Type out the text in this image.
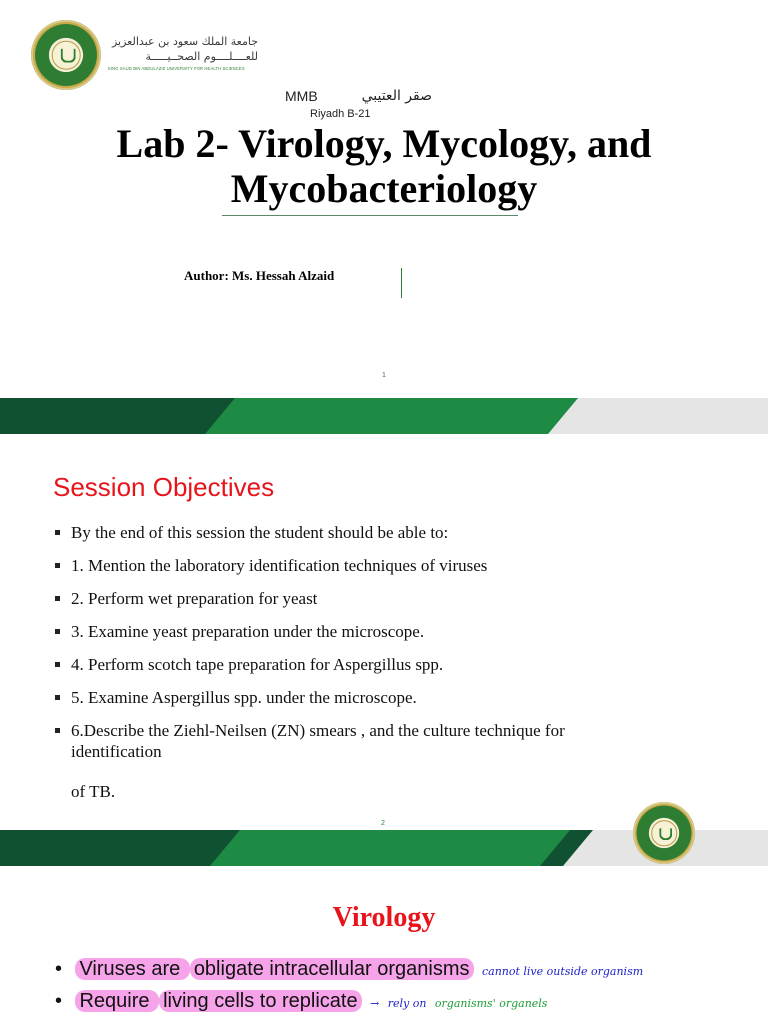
جامعة الملك سعود بن عبدالعزيز
للعــــلــــوم الصحــيـــــة
KING SAUD BIN ABDULAZIZ UNIVERSITY FOR HEALTH SCIENCES
MMB	صقر العتيبي
Riyadh B-21
Lab 2- Virology, Mycology, and
Mycobacteriology
Author: Ms. Hessah Alzaid
1
Session Objectives
By the end of this session the student should be able to:
1. Mention the laboratory identification techniques of viruses
2. Perform wet preparation for yeast
3. Examine yeast preparation under the microscope.
4. Perform scotch tape preparation for Aspergillus spp.
5. Examine Aspergillus spp. under the microscope.
6.Describe the Ziehl-Neilsen (ZN) smears , and the culture technique for identification
of TB.
2
Virology
• Viruses are obligate intracellular organisms cannot live outside organism
• Require living cells to replicate → rely on organisms' organels
